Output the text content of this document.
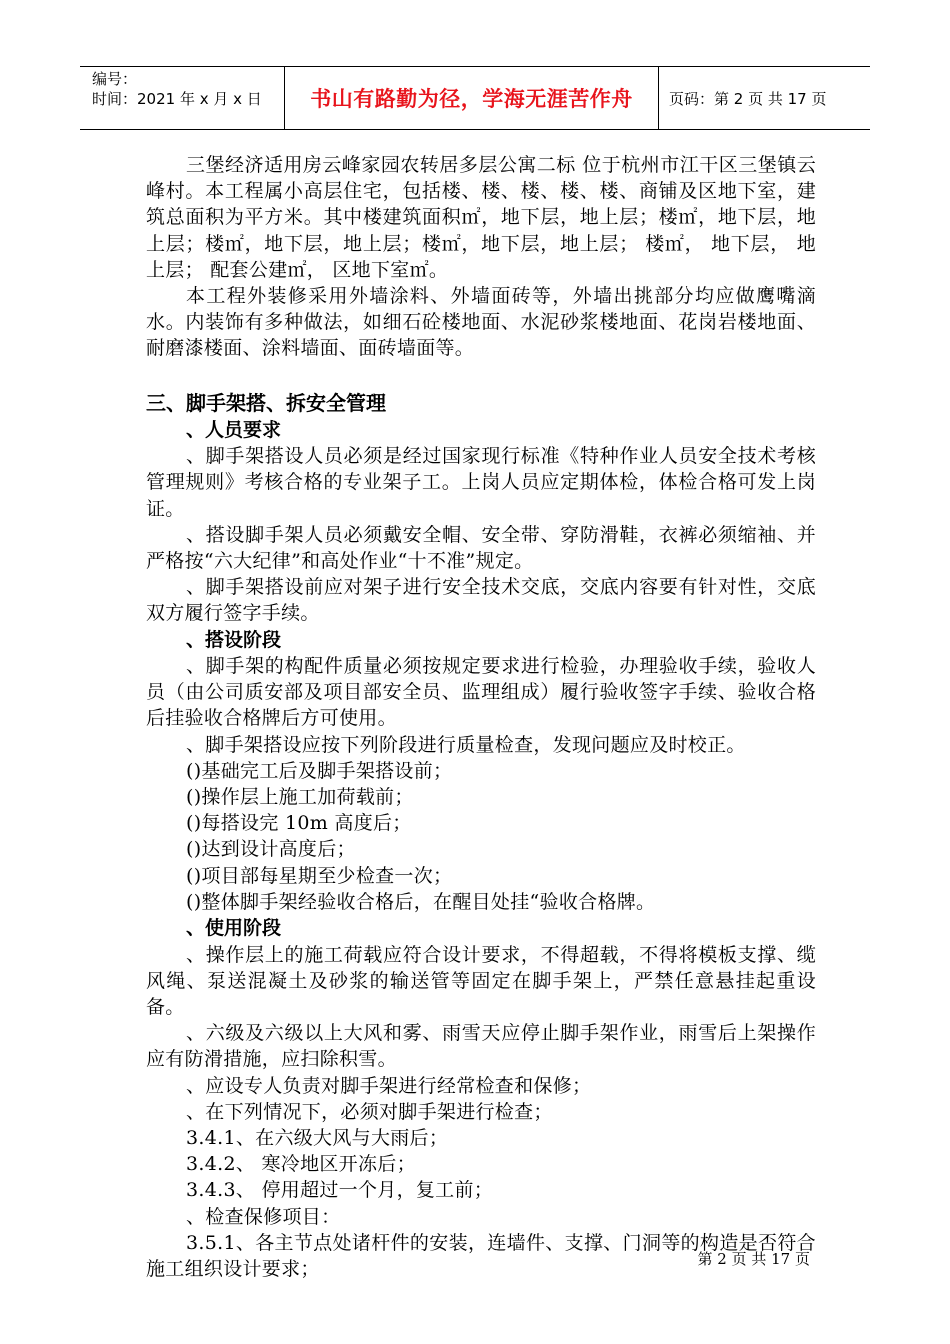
编号：
时间：2021 年 x 月 x 日	书山有路勤为径，学海无涯苦作舟	页码：第 2 页 共 17 页

三堡经济适用房云峰家园农转居多层公寓二标 位于杭州市江干区三堡镇云峰村。本工程属小高层住宅，包括楼、楼、楼、楼、楼、商铺及区地下室，建筑总面积为平方米。其中楼建筑面积㎡，地下层，地上层；楼㎡，地下层，地上层；楼㎡，地下层，地上层；楼㎡，地下层，地上层； 楼㎡， 地下层， 地上层； 配套公建㎡， 区地下室㎡。

本工程外装修采用外墙涂料、外墙面砖等，外墙出挑部分均应做鹰嘴滴水。内装饰有多种做法，如细石砼楼地面、水泥砂浆楼地面、花岗岩楼地面、耐磨漆楼面、涂料墙面、面砖墙面等。

三、脚手架搭、拆安全管理
、人员要求

、脚手架搭设人员必须是经过国家现行标准《特种作业人员安全技术考核管理规则》考核合格的专业架子工。上岗人员应定期体检，体检合格可发上岗证。

、搭设脚手架人员必须戴安全帽、安全带、穿防滑鞋，衣裤必须缩袖、并严格按“六大纪律”和高处作业“十不准”规定。

、脚手架搭设前应对架子进行安全技术交底，交底内容要有针对性，交底双方履行签字手续。

、搭设阶段

、脚手架的构配件质量必须按规定要求进行检验，办理验收手续，验收人员（由公司质安部及项目部安全员、监理组成）履行验收签字手续、验收合格后挂验收合格牌后方可使用。

、脚手架搭设应按下列阶段进行质量检查，发现问题应及时校正。

()基础完工后及脚手架搭设前；

()操作层上施工加荷载前；

()每搭设完 10m 高度后；

()达到设计高度后；

()项目部每星期至少检查一次；

()整体脚手架经验收合格后，在醒目处挂“验收合格牌。

、使用阶段

、操作层上的施工荷载应符合设计要求，不得超载，不得将模板支撑、缆风绳、泵送混凝土及砂浆的输送管等固定在脚手架上，严禁任意悬挂起重设备。

、六级及六级以上大风和雾、雨雪天应停止脚手架作业，雨雪后上架操作应有防滑措施，应扫除积雪。

、应设专人负责对脚手架进行经常检查和保修；

、在下列情况下，必须对脚手架进行检查；

3.4.1、在六级大风与大雨后；

3.4.2、 寒冷地区开冻后；

3.4.3、 停用超过一个月，复工前；

、检查保修项目：

3.5.1、各主节点处诸杆件的安装，连墙件、支撑、门洞等的构造是否符合施工组织设计要求；	第 2 页 共 17 页
